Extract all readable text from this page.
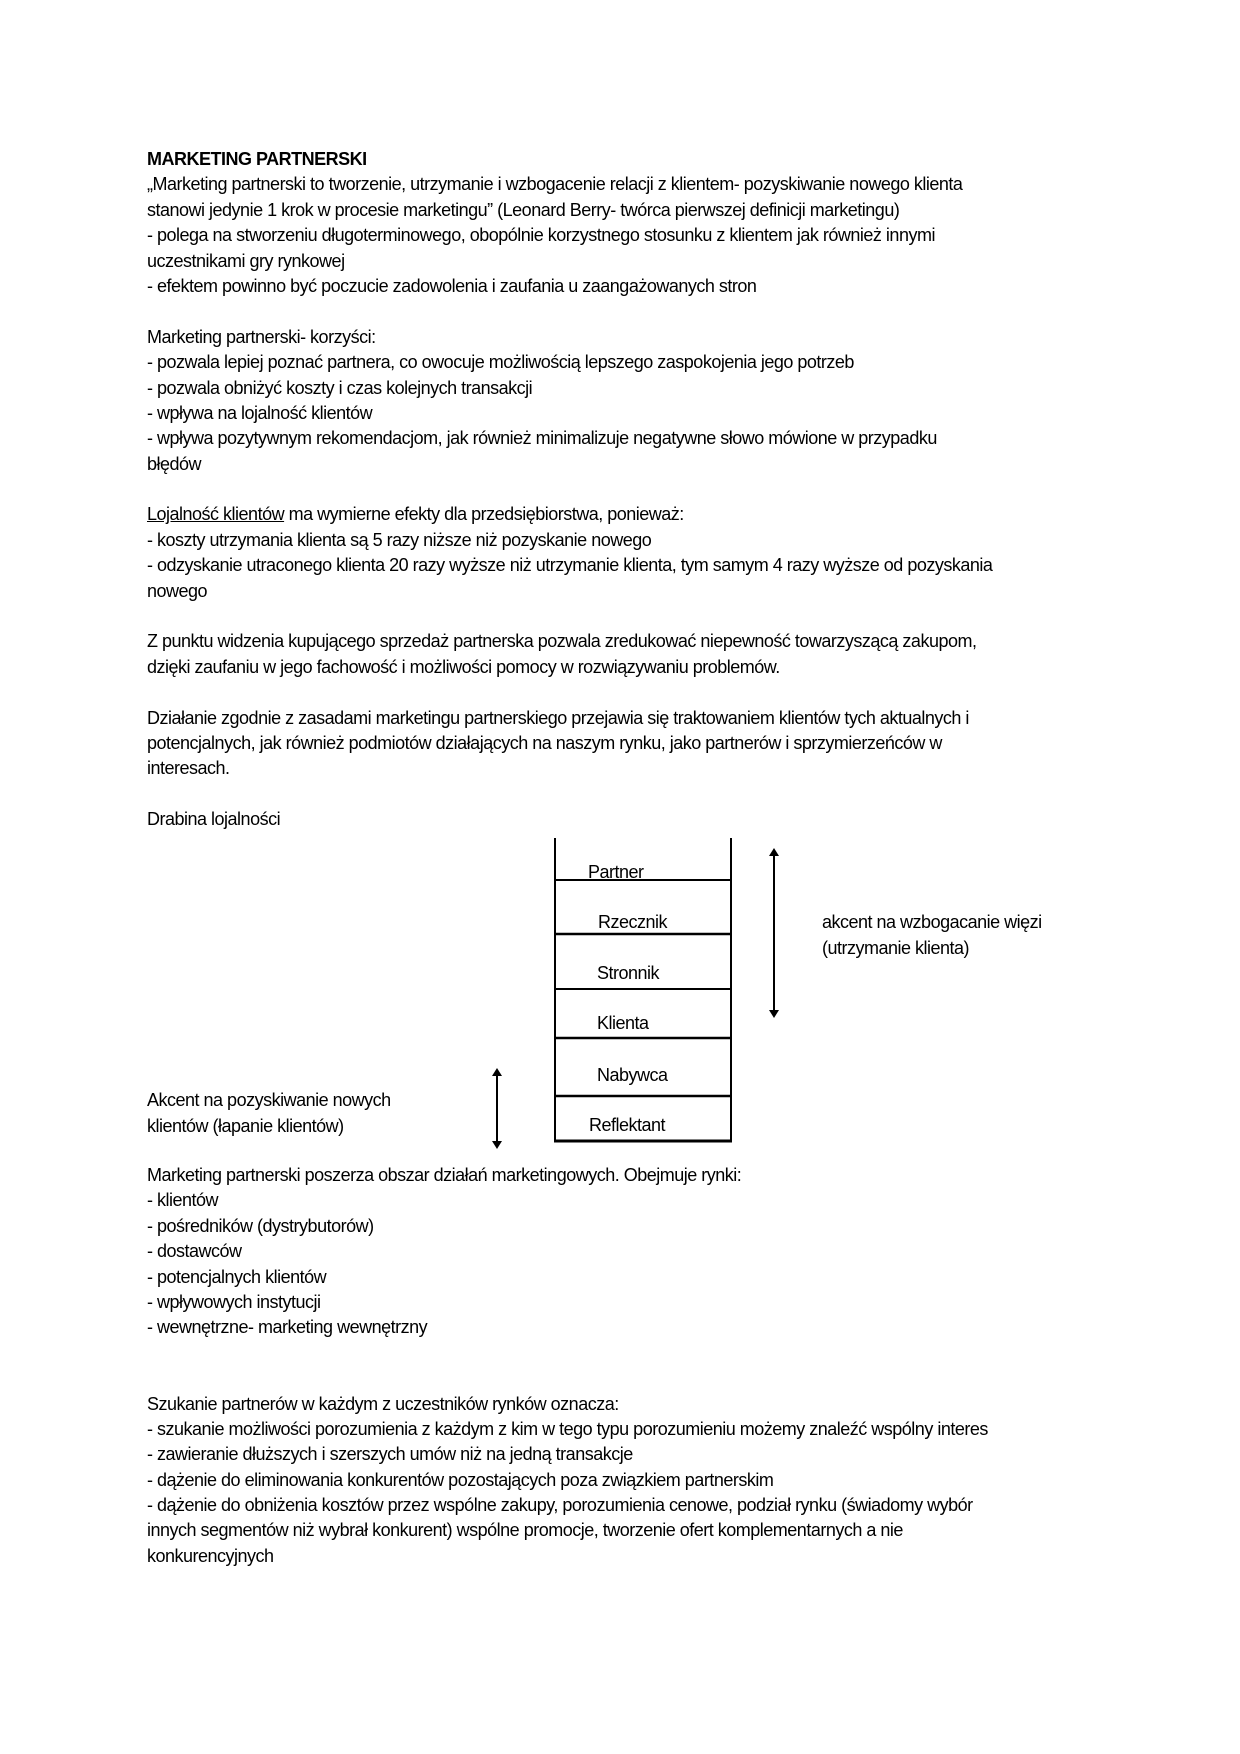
MARKETING PARTNERSKI
„Marketing partnerski to tworzenie, utrzymanie i wzbogacenie relacji z klientem- pozyskiwanie nowego klienta
stanowi jedynie 1 krok w procesie marketingu” (Leonard Berry- twórca pierwszej definicji marketingu)
- polega na stworzeniu długoterminowego, obopólnie korzystnego stosunku z klientem jak również innymi
uczestnikami gry rynkowej
- efektem powinno być poczucie zadowolenia i zaufania u zaangażowanych stron
Marketing partnerski- korzyści:
- pozwala lepiej poznać partnera, co owocuje możliwością lepszego zaspokojenia jego potrzeb
- pozwala obniżyć koszty i czas kolejnych transakcji
- wpływa na lojalność klientów
- wpływa pozytywnym rekomendacjom, jak również minimalizuje negatywne słowo mówione w przypadku
błędów
Lojalność klientów ma wymierne efekty dla przedsiębiorstwa, ponieważ:
- koszty utrzymania klienta są 5 razy niższe niż pozyskanie nowego
- odzyskanie utraconego klienta 20 razy wyższe niż utrzymanie klienta, tym samym 4 razy wyższe od pozyskania
nowego
Z punktu widzenia kupującego sprzedaż partnerska pozwala zredukować niepewność towarzyszącą zakupom,
dzięki zaufaniu w jego fachowość i możliwości pomocy w rozwiązywaniu problemów.
Działanie zgodnie z zasadami marketingu partnerskiego przejawia się traktowaniem klientów tych aktualnych i
potencjalnych, jak również podmiotów działających na naszym rynku, jako partnerów i sprzymierzeńców w
interesach.
Drabina lojalności
Partner
Rzecznik
Stronnik
Klienta
Nabywca
Reflektant
akcent na wzbogacanie więzi
(utrzymanie klienta)
Akcent na pozyskiwanie nowych
klientów (łapanie klientów)
Marketing partnerski poszerza obszar działań marketingowych. Obejmuje rynki:
- klientów
- pośredników (dystrybutorów)
- dostawców
- potencjalnych klientów
- wpływowych instytucji
- wewnętrzne- marketing wewnętrzny
Szukanie partnerów w każdym z uczestników rynków oznacza:
- szukanie możliwości porozumienia z każdym z kim w tego typu porozumieniu możemy znaleźć wspólny interes
- zawieranie dłuższych i szerszych umów niż na jedną transakcje
- dążenie do eliminowania konkurentów pozostających poza związkiem partnerskim
- dążenie do obniżenia kosztów przez wspólne zakupy, porozumienia cenowe, podział rynku (świadomy wybór
innych segmentów niż wybrał konkurent) wspólne promocje, tworzenie ofert komplementarnych a nie
konkurencyjnych
